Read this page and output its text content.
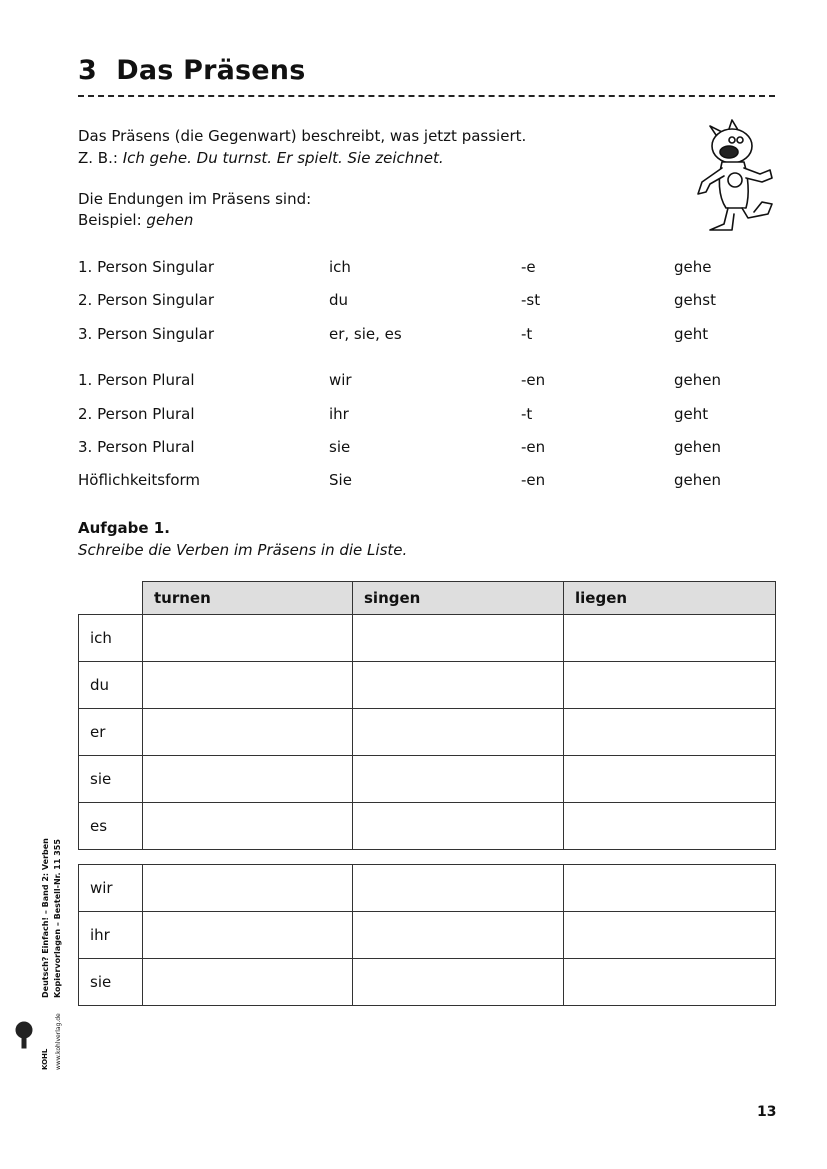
3 Das Präsens
Das Präsens (die Gegenwart) beschreibt, was jetzt passiert.
Z. B.: Ich gehe. Du turnst. Er spielt. Sie zeichnet.
Die Endungen im Präsens sind:
Beispiel: gehen
1. Person Singular	ich	-e	gehe
2. Person Singular	du	-st	gehst
3. Person Singular	er, sie, es	-t	geht
1. Person Plural	wir	-en	gehen
2. Person Plural	ihr	-t	geht
3. Person Plural	sie	-en	gehen
Höflichkeitsform	Sie	-en	gehen
Aufgabe 1.
Schreibe die Verben im Präsens in die Liste.
	turnen	singen	liegen
ich			
du			
er			
sie			
es			
wir			
ihr			
sie			
Deutsch? Einfach! – Band 2: Verben Kopiervorlagen – Bestell-Nr. 11 355
KOHL www.kohlverlag.de
13
